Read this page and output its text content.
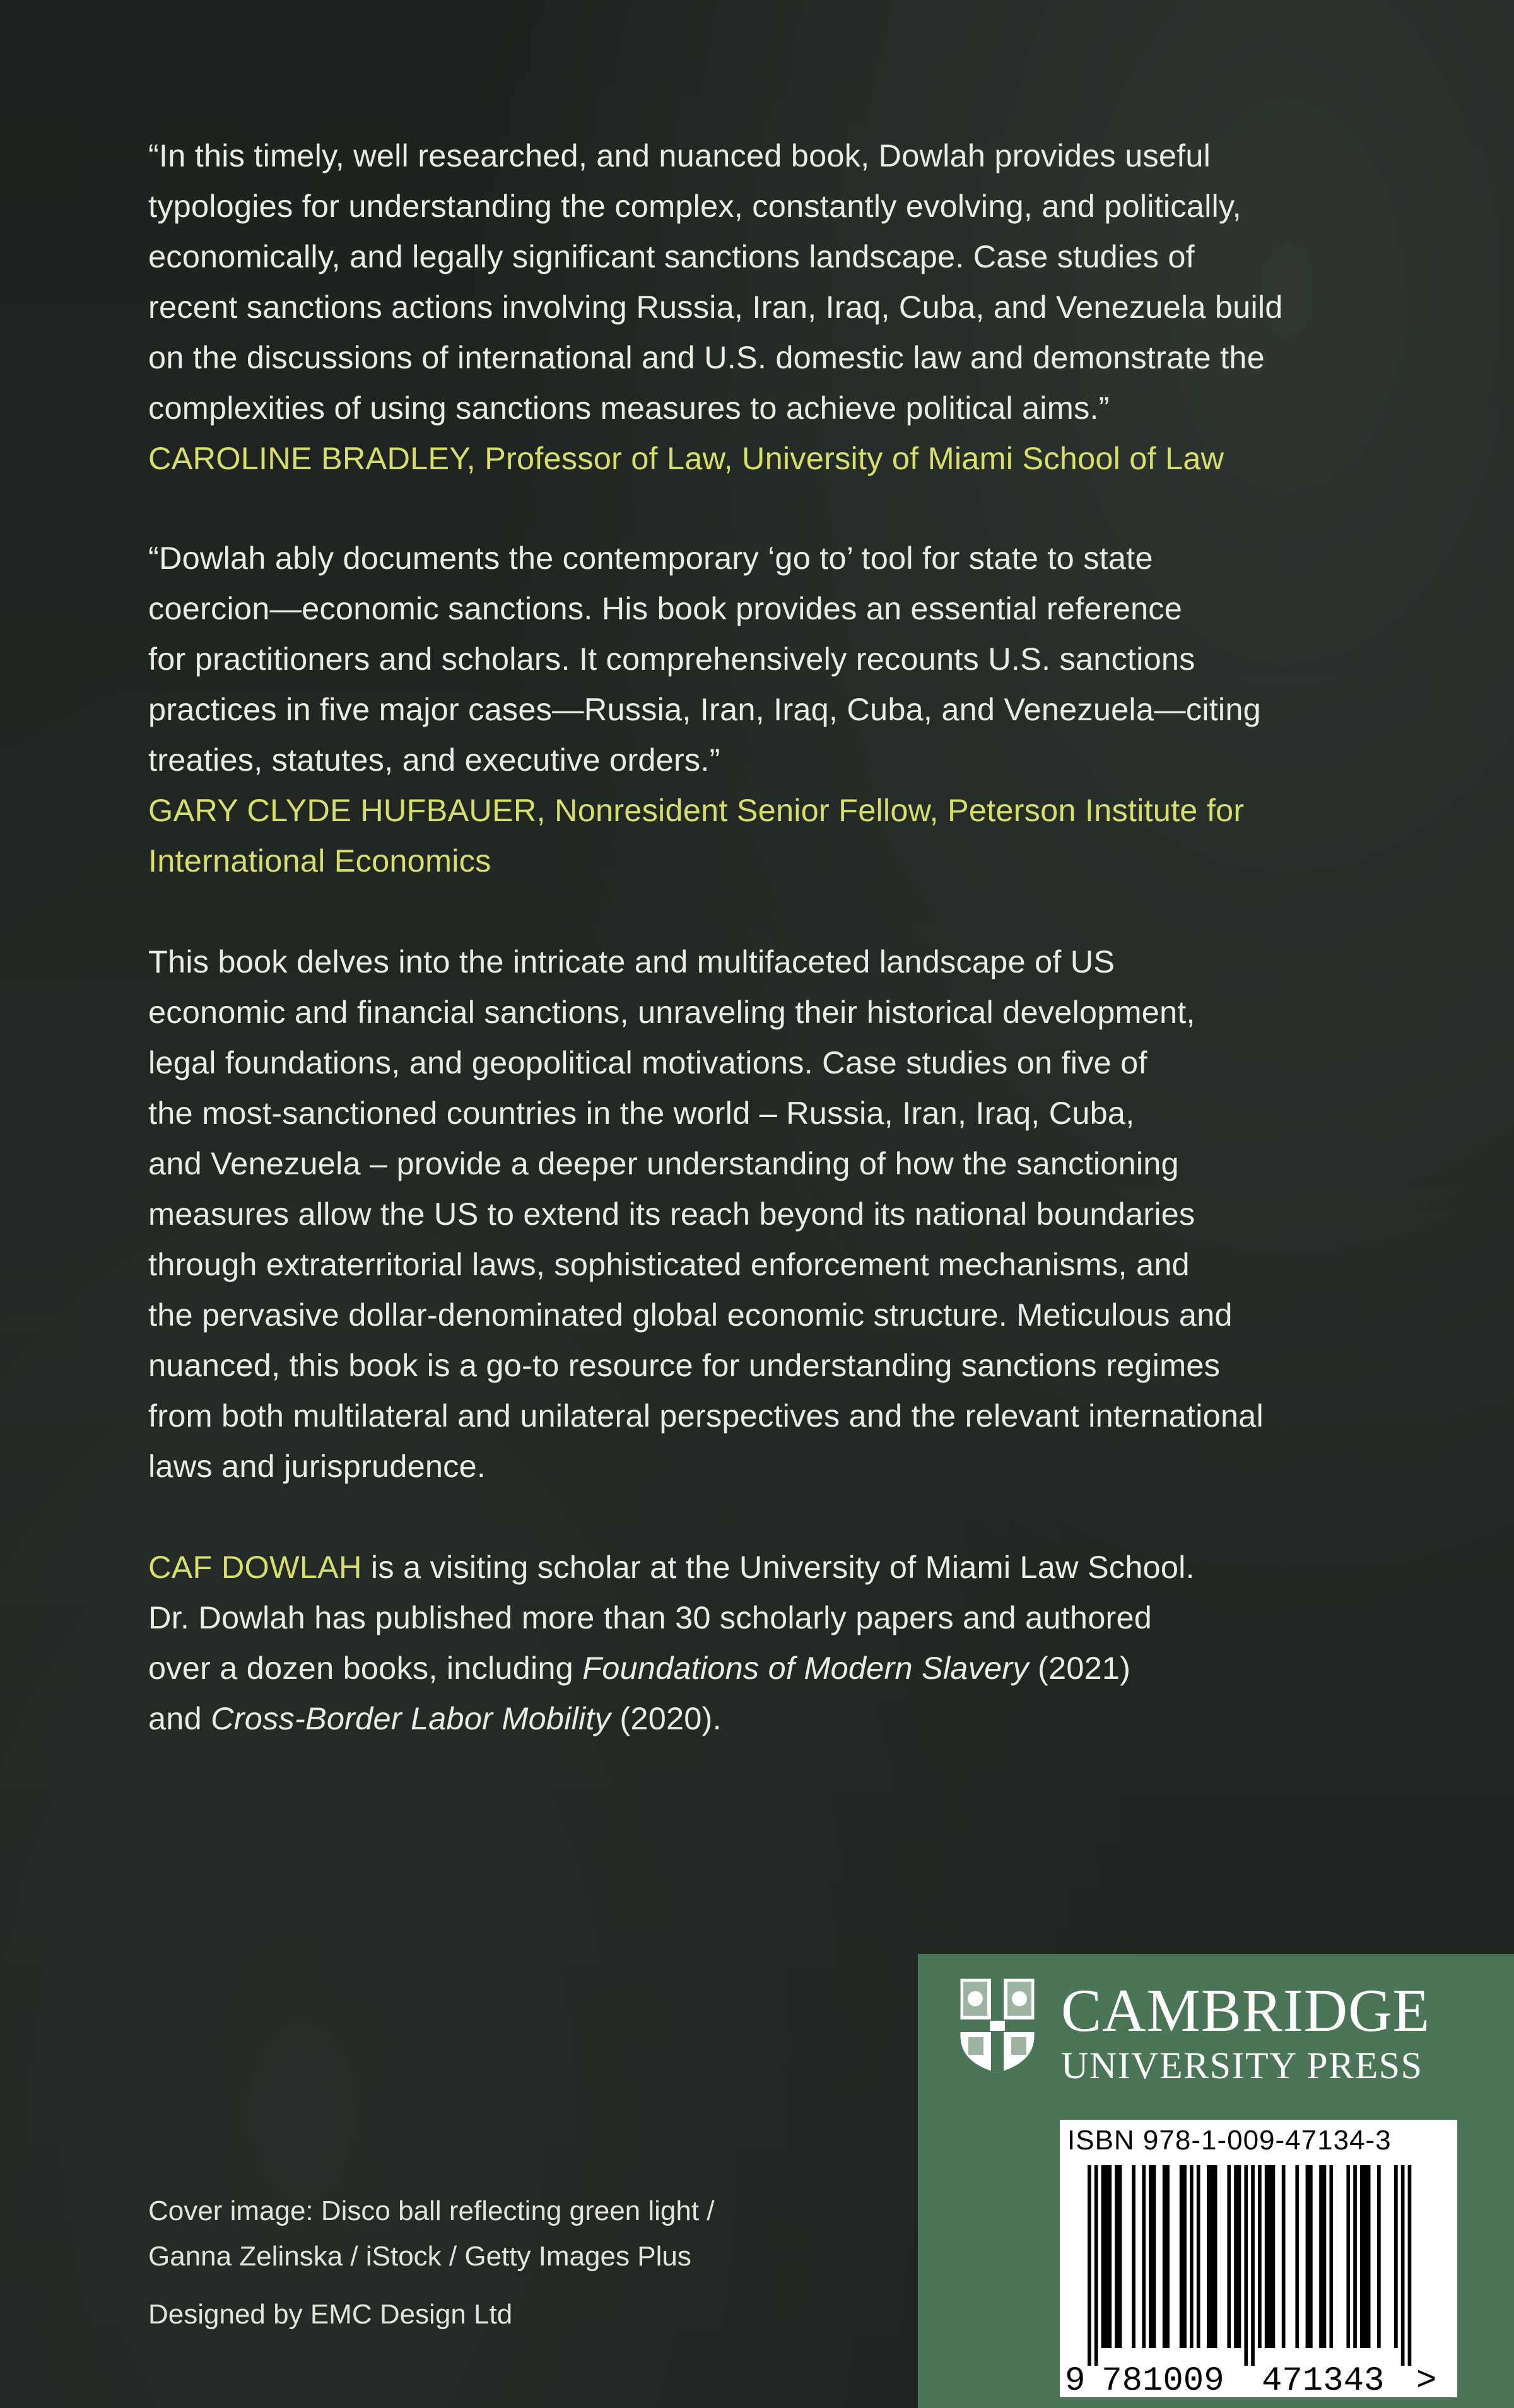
“In this timely, well researched, and nuanced book, Dowlah provides useful

typologies for understanding the complex, constantly evolving, and politically,

economically, and legally significant sanctions landscape. Case studies of

recent sanctions actions involving Russia, Iran, Iraq, Cuba, and Venezuela build

on the discussions of international and U.S. domestic law and demonstrate the

complexities of using sanctions measures to achieve political aims.”

CAROLINE BRADLEY, Professor of Law, University of Miami School of Law

“Dowlah ably documents the contemporary ‘go to’ tool for state to state

coercion—economic sanctions. His book provides an essential reference

for practitioners and scholars. It comprehensively recounts U.S. sanctions

practices in five major cases—Russia, Iran, Iraq, Cuba, and Venezuela—citing

treaties, statutes, and executive orders.”

GARY CLYDE HUFBAUER, Nonresident Senior Fellow, Peterson Institute for

International Economics

This book delves into the intricate and multifaceted landscape of US

economic and financial sanctions, unraveling their historical development,

legal foundations, and geopolitical motivations. Case studies on five of

the most-sanctioned countries in the world – Russia, Iran, Iraq, Cuba,

and Venezuela – provide a deeper understanding of how the sanctioning

measures allow the US to extend its reach beyond its national boundaries

through extraterritorial laws, sophisticated enforcement mechanisms, and

the pervasive dollar-denominated global economic structure. Meticulous and

nuanced, this book is a go-to resource for understanding sanctions regimes

from both multilateral and unilateral perspectives and the relevant international

laws and jurisprudence.

CAF DOWLAH is a visiting scholar at the University of Miami Law School.

Dr. Dowlah has published more than 30 scholarly papers and authored

over a dozen books, including Foundations of Modern Slavery (2021)

and Cross-Border Labor Mobility (2020).

Cover image: Disco ball reflecting green light /

Ganna Zelinska / iStock / Getty Images Plus

Designed by EMC Design Ltd

CAMBRIDGE
UNIVERSITY PRESS
ISBN 978-1-009-47134-3
9 781009 471343 >
